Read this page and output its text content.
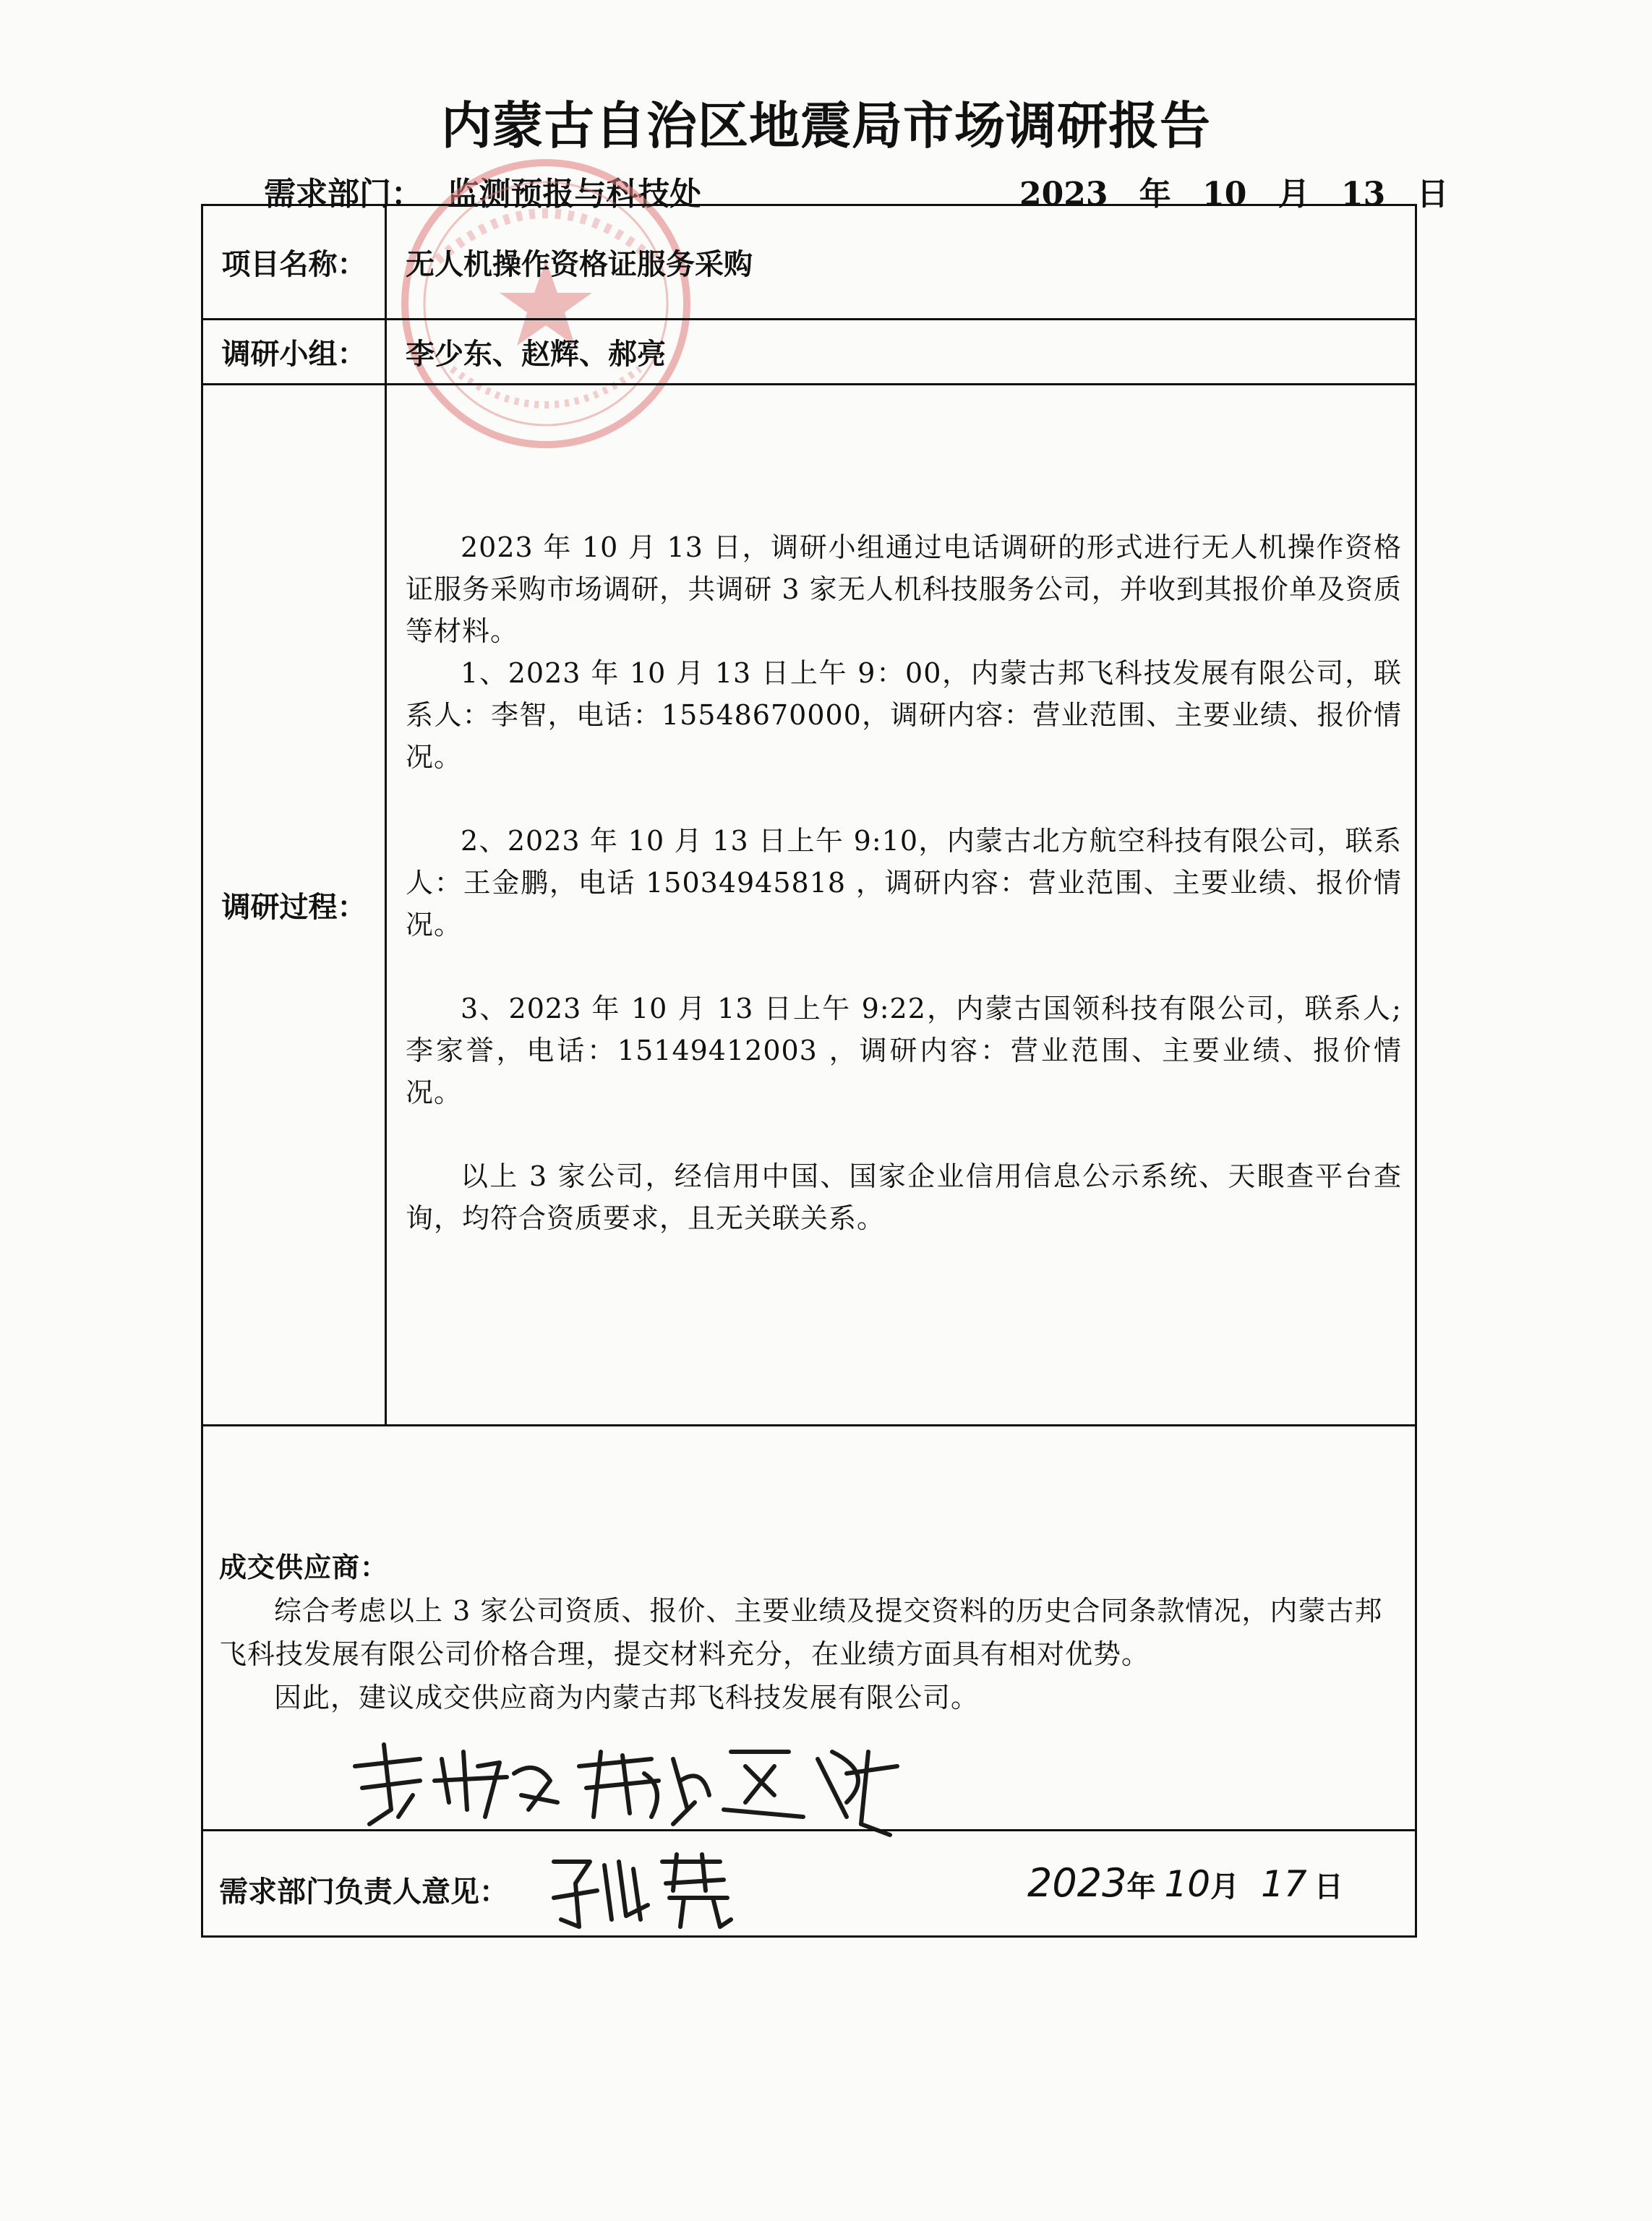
内蒙古自治区地震局市场调研报告
需求部门： 监测预报与科技处	2023 年 10 月 13 日
项目名称：	无人机操作资格证服务采购
调研小组：	李少东、赵辉、郝亮
调研过程：

2023 年 10 月 13 日，调研小组通过电话调研的形式进行无人机操作资格证服务采购市场调研，共调研 3 家无人机科技服务公司，并收到其报价单及资质等材料。

1、2023 年 10 月 13 日上午 9：00，内蒙古邦飞科技发展有限公司，联系人：李智，电话：15548670000，调研内容：营业范围、主要业绩、报价情况。

2、2023 年 10 月 13 日上午 9:10，内蒙古北方航空科技有限公司，联系人：王金鹏，电话 15034945818 ，调研内容：营业范围、主要业绩、报价情况。

3、2023 年 10 月 13 日上午 9:22，内蒙古国领科技有限公司，联系人;李家誉，电话：15149412003 ，调研内容：营业范围、主要业绩、报价情况。

以上 3 家公司，经信用中国、国家企业信用信息公示系统、天眼查平台查询，均符合资质要求，且无关联关系。

成交供应商：

综合考虑以上 3 家公司资质、报价、主要业绩及提交资料的历史合同条款情况，内蒙古邦飞科技发展有限公司价格合理，提交材料充分，在业绩方面具有相对优势。

因此，建议成交供应商为内蒙古邦飞科技发展有限公司。

需求部门负责人意见：	2023年 10月 17 日
